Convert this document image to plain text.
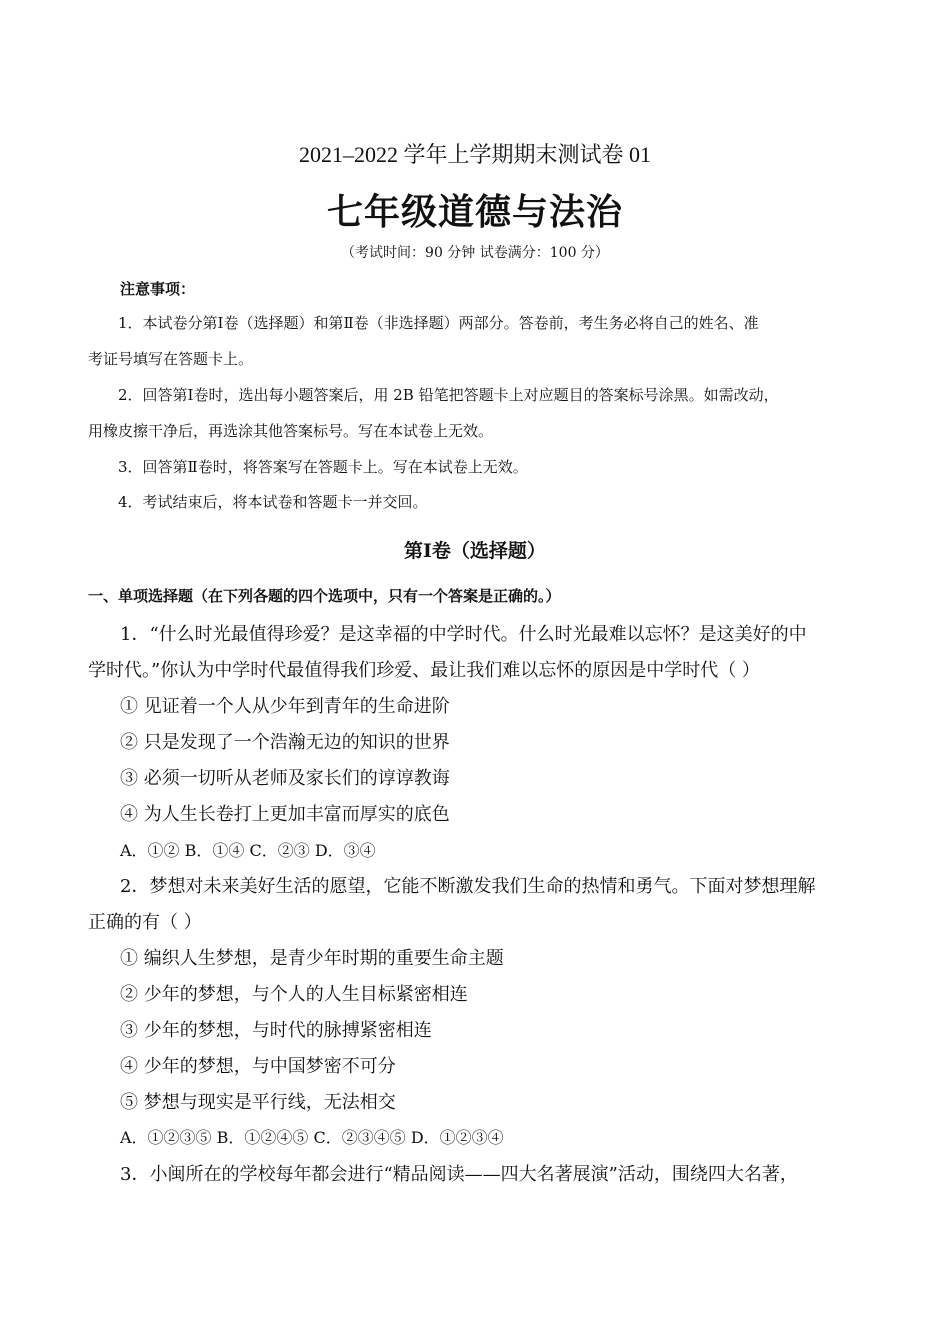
2021–2022 学年上学期期末测试卷 01
七年级道德与法治
（考试时间：90 分钟 试卷满分：100 分）
注意事项：
1．本试卷分第Ⅰ卷（选择题）和第Ⅱ卷（非选择题）两部分。答卷前，考生务必将自己的姓名、准
考证号填写在答题卡上。
2．回答第Ⅰ卷时，选出每小题答案后，用 2B 铅笔把答题卡上对应题目的答案标号涂黑。如需改动，
用橡皮擦干净后，再选涂其他答案标号。写在本试卷上无效。
3．回答第Ⅱ卷时，将答案写在答题卡上。写在本试卷上无效。
4．考试结束后，将本试卷和答题卡一并交回。
第Ⅰ卷（选择题）
一、单项选择题（在下列各题的四个选项中，只有一个答案是正确的。）
1．“什么时光最值得珍爱？是这幸福的中学时代。什么时光最难以忘怀？是这美好的中
学时代。”你认为中学时代最值得我们珍爱、最让我们难以忘怀的原因是中学时代（ ）
① 见证着一个人从少年到青年的生命进阶
② 只是发现了一个浩瀚无边的知识的世界
③ 必须一切听从老师及家长们的谆谆教诲
④ 为人生长卷打上更加丰富而厚实的底色
A．①② B．①④ C．②③ D．③④
2．梦想对未来美好生活的愿望，它能不断激发我们生命的热情和勇气。下面对梦想理解
正确的有（ ）
① 编织人生梦想，是青少年时期的重要生命主题
② 少年的梦想，与个人的人生目标紧密相连
③ 少年的梦想，与时代的脉搏紧密相连
④ 少年的梦想，与中国梦密不可分
⑤ 梦想与现实是平行线，无法相交
A．①②③⑤ B．①②④⑤ C．②③④⑤ D．①②③④
3．小闽所在的学校每年都会进行“精品阅读——四大名著展演”活动，围绕四大名著，
